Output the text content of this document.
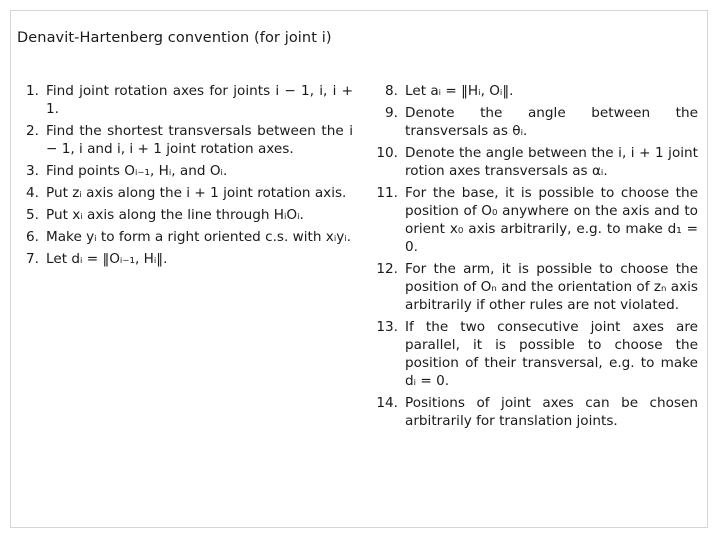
Denavit-Hartenberg convention (for joint i)
1. Find joint rotation axes for joints i − 1, i, i + 1.
2. Find the shortest transversals between the i − 1, i and i, i + 1 joint rotation axes.
3. Find points Oᵢ₋₁, Hᵢ, and Oᵢ.
4. Put zᵢ axis along the i + 1 joint rotation axis.
5. Put xᵢ axis along the line through HᵢOᵢ.
6. Make yᵢ to form a right oriented c.s. with xᵢyᵢ.
7. Let dᵢ = ‖Oᵢ₋₁, Hᵢ‖.
8. Let aᵢ = ‖Hᵢ, Oᵢ‖.
9. Denote the angle between the transversals as θᵢ.
10. Denote the angle between the i, i + 1 joint rotion axes transversals as αᵢ.
11. For the base, it is possible to choose the position of O₀ anywhere on the axis and to orient x₀ axis arbitrarily, e.g. to make d₁ = 0.
12. For the arm, it is possible to choose the position of Oₙ and the orientation of zₙ axis arbitrarily if other rules are not violated.
13. If the two consecutive joint axes are parallel, it is possible to choose the position of their transversal, e.g. to make dᵢ = 0.
14. Positions of joint axes can be chosen arbitrarily for translation joints.
